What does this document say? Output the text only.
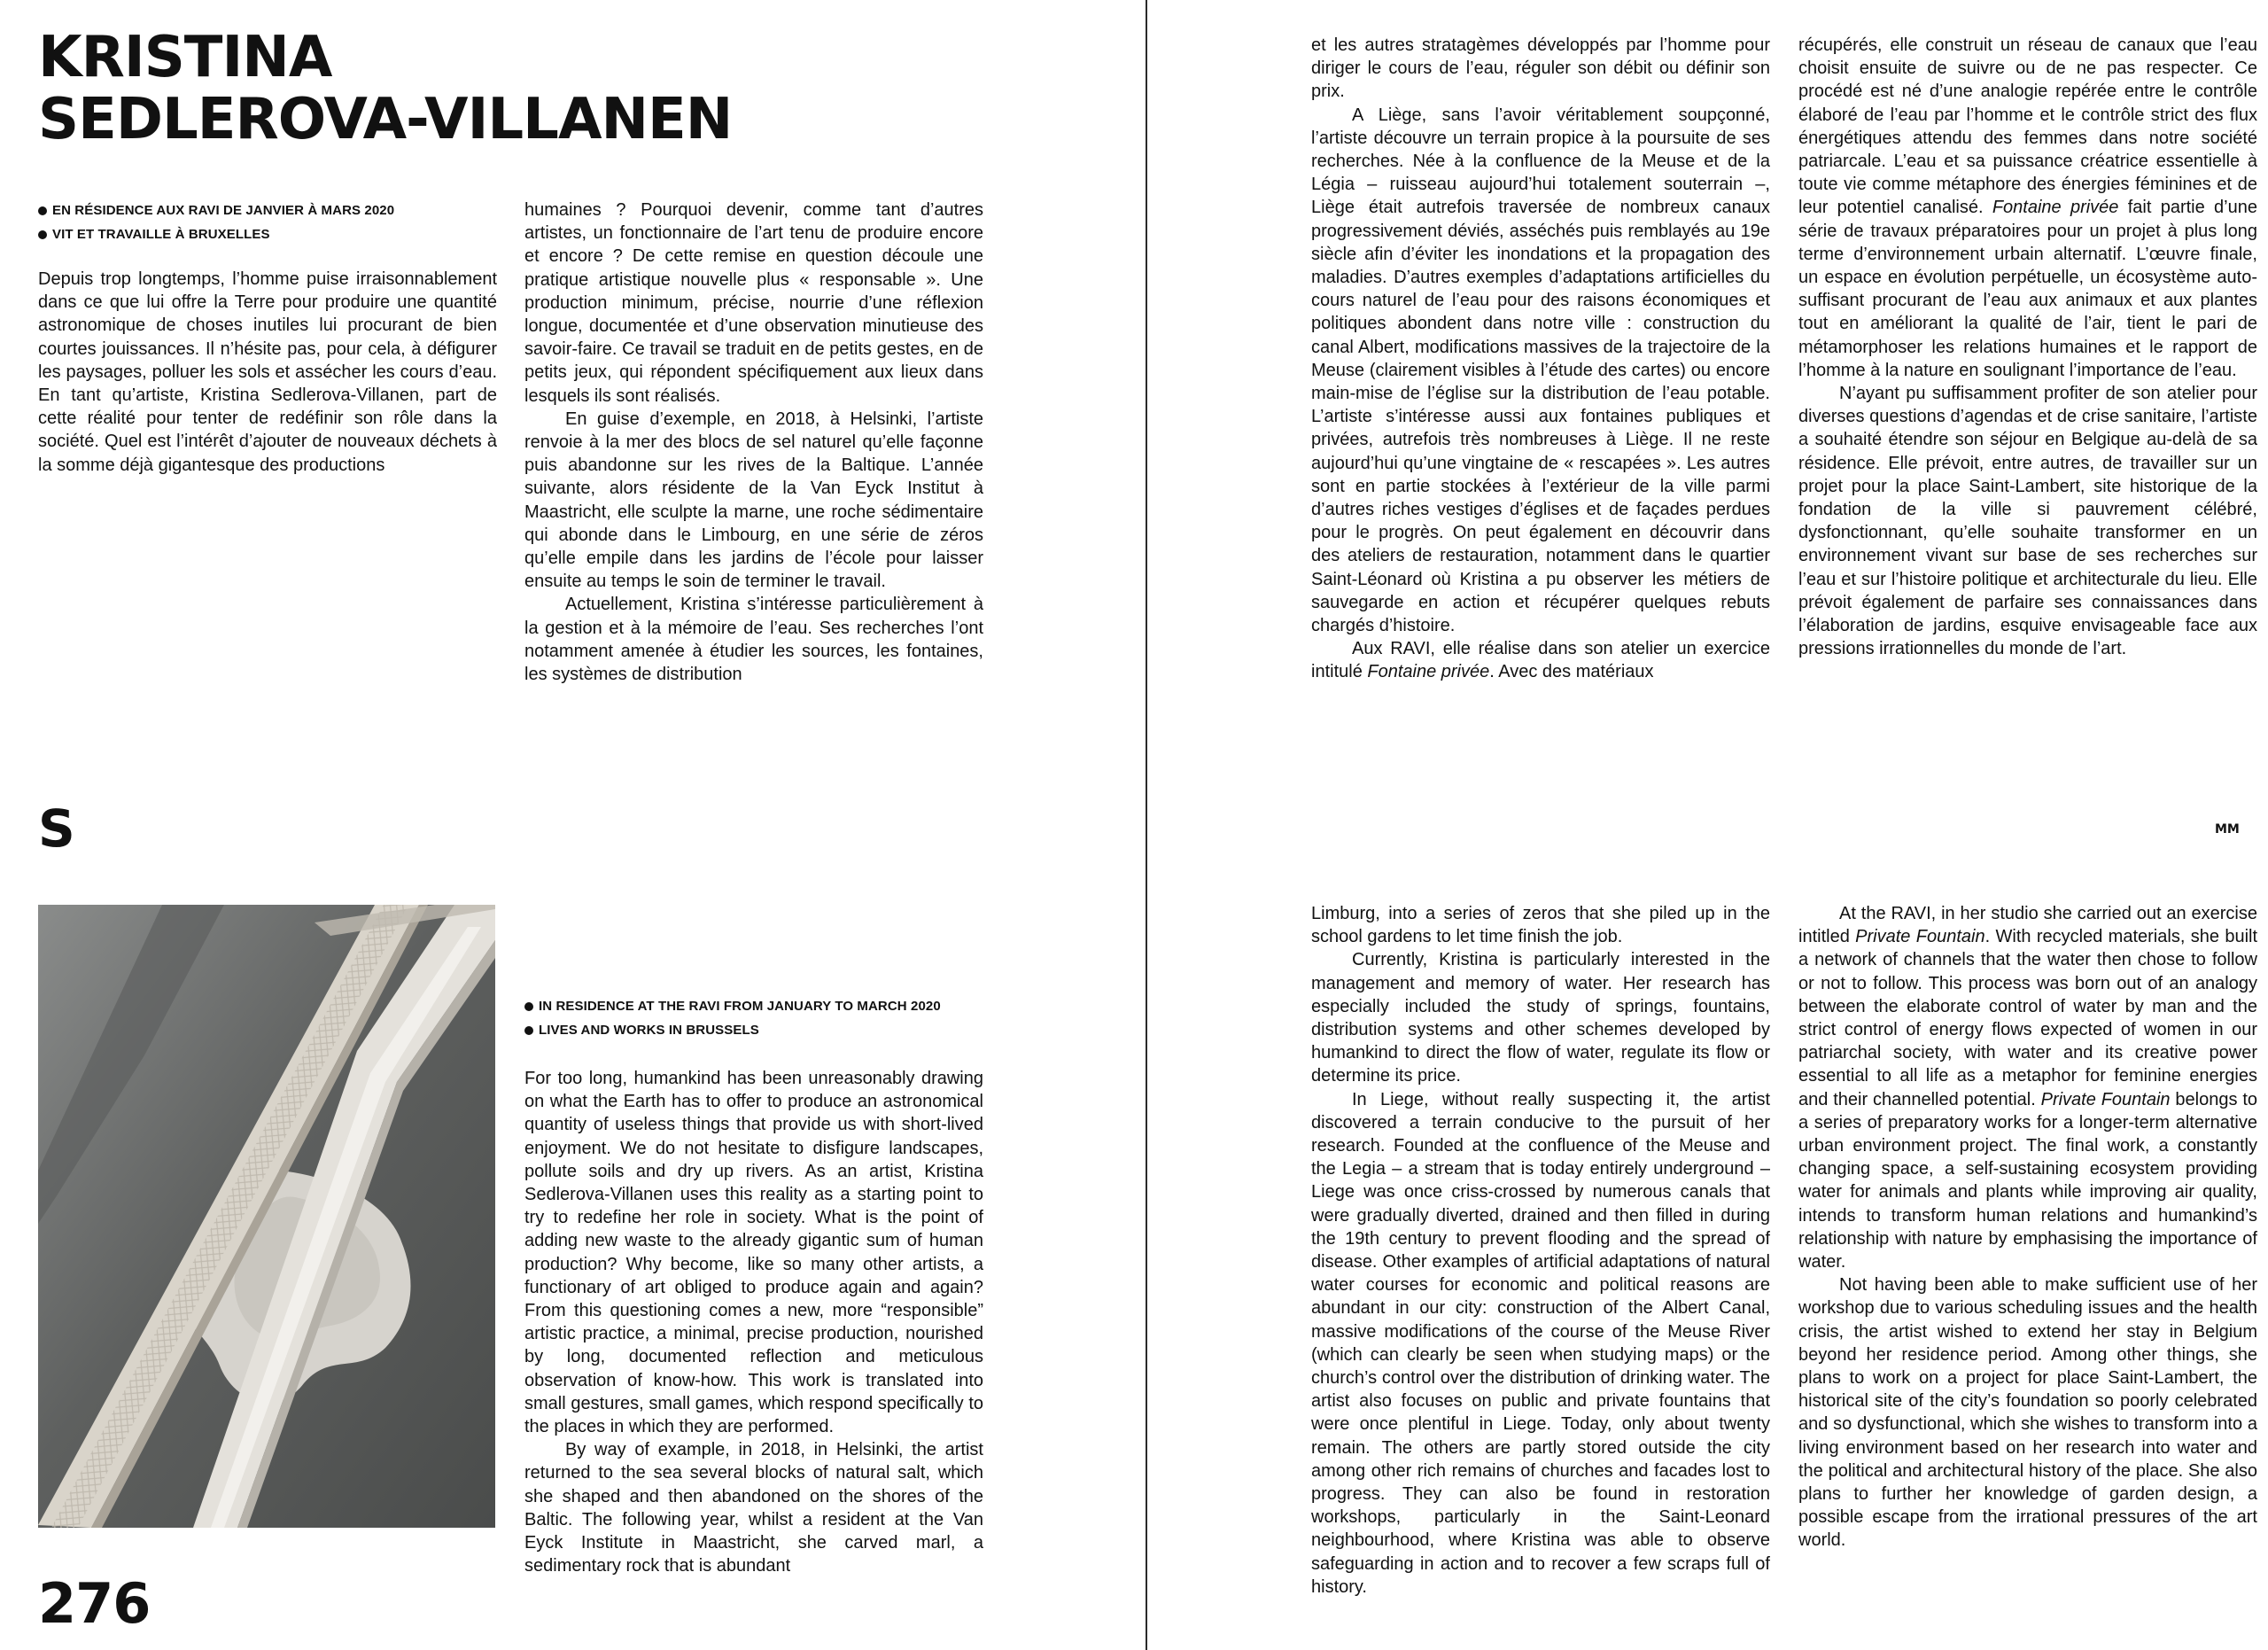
KRISTINA
SEDLEROVA-VILLANEN
EN RÉSIDENCE AUX RAVI DE JANVIER À MARS 2020
VIT ET TRAVAILLE À BRUXELLES

Depuis trop longtemps, l’homme puise irraisonnablement dans ce que lui offre la Terre pour produire une quantité astronomique de choses inutiles lui procurant de bien courtes jouissances. Il n’hésite pas, pour cela, à défigurer les paysages, polluer les sols et assécher les cours d’eau. En tant qu’artiste, Kristina Sedlerova-Villanen, part de cette réalité pour tenter de redéfinir son rôle dans la société. Quel est l’intérêt d’ajouter de nouveaux déchets à la somme déjà gigantesque des productions

humaines ? Pourquoi devenir, comme tant d’autres artistes, un fonctionnaire de l’art tenu de produire encore et encore ? De cette remise en question découle une pratique artistique nouvelle plus « responsable ». Une production minimum, précise, nourrie d’une réflexion longue, documentée et d’une observation minutieuse des savoir-faire. Ce travail se traduit en de petits gestes, en de petits jeux, qui répondent spécifiquement aux lieux dans lesquels ils sont réalisés.

En guise d’exemple, en 2018, à Helsinki, l’artiste renvoie à la mer des blocs de sel naturel qu’elle façonne puis abandonne sur les rives de la Baltique. L’année suivante, alors résidente de la Van Eyck Institut à Maastricht, elle sculpte la marne, une roche sédimentaire qui abonde dans le Limbourg, en une série de zéros qu’elle empile dans les jardins de l’école pour laisser ensuite au temps le soin de terminer le travail.

Actuellement, Kristina s’intéresse particulièrement à la gestion et à la mémoire de l’eau. Ses recherches l’ont notamment amenée à étudier les sources, les fontaines, les systèmes de distribution

S
IN RESIDENCE AT THE RAVI FROM JANUARY TO MARCH 2020
LIVES AND WORKS IN BRUSSELS

For too long, humankind has been unreasonably drawing on what the Earth has to offer to produce an astronomical quantity of useless things that provide us with short-lived enjoyment. We do not hesitate to disfigure landscapes, pollute soils and dry up rivers. As an artist, Kristina Sedlerova-Villanen uses this reality as a starting point to try to redefine her role in society. What is the point of adding new waste to the already gigantic sum of human production? Why become, like so many other artists, a functionary of art obliged to produce again and again? From this questioning comes a new, more “responsible” artistic practice, a minimal, precise production, nourished by long, documented reflection and meticulous observation of know-how. This work is translated into small gestures, small games, which respond specifically to the places in which they are performed.

By way of example, in 2018, in Helsinki, the artist returned to the sea several blocks of natural salt, which she shaped and then abandoned on the shores of the Baltic. The following year, whilst a resident at the Van Eyck Institute in Maastricht, she carved marl, a sedimentary rock that is abundant

276

et les autres stratagèmes développés par l’homme pour diriger le cours de l’eau, réguler son débit ou définir son prix.

A Liège, sans l’avoir véritablement soupçonné, l’artiste découvre un terrain propice à la poursuite de ses recherches. Née à la confluence de la Meuse et de la Légia – ruisseau aujourd’hui totalement souterrain –, Liège était autrefois traversée de nombreux canaux progressivement déviés, asséchés puis remblayés au 19e siècle afin d’éviter les inondations et la propagation des maladies. D’autres exemples d’adaptations artificielles du cours naturel de l’eau pour des raisons économiques et politiques abondent dans notre ville : construction du canal Albert, modifications massives de la trajectoire de la Meuse (clairement visibles à l’étude des cartes) ou encore main-mise de l’église sur la distribution de l’eau potable. L’artiste s’intéresse aussi aux fontaines publiques et privées, autrefois très nombreuses à Liège. Il ne reste aujourd’hui qu’une vingtaine de « rescapées ». Les autres sont en partie stockées à l’extérieur de la ville parmi d’autres riches vestiges d’églises et de façades perdues pour le progrès. On peut également en découvrir dans des ateliers de restauration, notamment dans le quartier Saint-Léonard où Kristina a pu observer les métiers de sauvegarde en action et récupérer quelques rebuts chargés d’histoire.

Aux RAVI, elle réalise dans son atelier un exercice intitulé Fontaine privée. Avec des matériaux

récupérés, elle construit un réseau de canaux que l’eau choisit ensuite de suivre ou de ne pas respecter. Ce procédé est né d’une analogie repérée entre le contrôle élaboré de l’eau par l’homme et le contrôle strict des flux énergétiques attendu des femmes dans notre société patriarcale. L’eau et sa puissance créatrice essentielle à toute vie comme métaphore des énergies féminines et de leur potentiel canalisé. Fontaine privée fait partie d’une série de travaux préparatoires pour un projet à plus long terme d’environnement urbain alternatif. L’œuvre finale, un espace en évolution perpétuelle, un écosystème auto-suffisant procurant de l’eau aux animaux et aux plantes tout en améliorant la qualité de l’air, tient le pari de métamorphoser les relations humaines et le rapport de l’homme à la nature en soulignant l’importance de l’eau.

N’ayant pu suffisamment profiter de son atelier pour diverses questions d’agendas et de crise sanitaire, l’artiste a souhaité étendre son séjour en Belgique au-delà de sa résidence. Elle prévoit, entre autres, de travailler sur un projet pour la place Saint-Lambert, site historique de la fondation de la ville si pauvrement célébré, dysfonctionnant, qu’elle souhaite transformer en un environnement vivant sur base de ses recherches sur l’eau et sur l’histoire politique et architecturale du lieu. Elle prévoit également de parfaire ses connaissances dans l’élaboration de jardins, esquive envisageable face aux pressions irrationnelles du monde de l’art.

MM

Limburg, into a series of zeros that she piled up in the school gardens to let time finish the job.

Currently, Kristina is particularly interested in the management and memory of water. Her research has especially included the study of springs, fountains, distribution systems and other schemes developed by humankind to direct the flow of water, regulate its flow or determine its price.

In Liege, without really suspecting it, the artist discovered a terrain conducive to the pursuit of her research. Founded at the confluence of the Meuse and the Legia – a stream that is today entirely underground – Liege was once criss-crossed by numerous canals that were gradually diverted, drained and then filled in during the 19th century to prevent flooding and the spread of disease. Other examples of artificial adaptations of natural water courses for economic and political reasons are abundant in our city: construction of the Albert Canal, massive modifications of the course of the Meuse River (which can clearly be seen when studying maps) or the church’s control over the distribution of drinking water. The artist also focuses on public and private fountains that were once plentiful in Liege. Today, only about twenty remain. The others are partly stored outside the city among other rich remains of churches and facades lost to progress. They can also be found in restoration workshops, particularly in the Saint-Leonard neighbourhood, where Kristina was able to observe safeguarding in action and to recover a few scraps full of history.

At the RAVI, in her studio she carried out an exercise intitled Private Fountain. With recycled materials, she built a network of channels that the water then chose to follow or not to follow. This process was born out of an analogy between the elaborate control of water by man and the strict control of energy flows expected of women in our patriarchal society, with water and its creative power essential to all life as a metaphor for feminine energies and their channelled potential. Private Fountain belongs to a series of preparatory works for a longer-term alternative urban environment project. The final work, a constantly changing space, a self-sustaining ecosystem providing water for animals and plants while improving air quality, intends to transform human relations and humankind’s relationship with nature by emphasising the importance of water.

Not having been able to make sufficient use of her workshop due to various scheduling issues and the health crisis, the artist wished to extend her stay in Belgium beyond her residence period. Among other things, she plans to work on a project for place Saint-Lambert, the historical site of the city’s foundation so poorly celebrated and so dysfunctional, which she wishes to transform into a living environment based on her research into water and the political and architectural history of the place. She also plans to further her knowledge of garden design, a possible escape from the irrational pressures of the art world.
